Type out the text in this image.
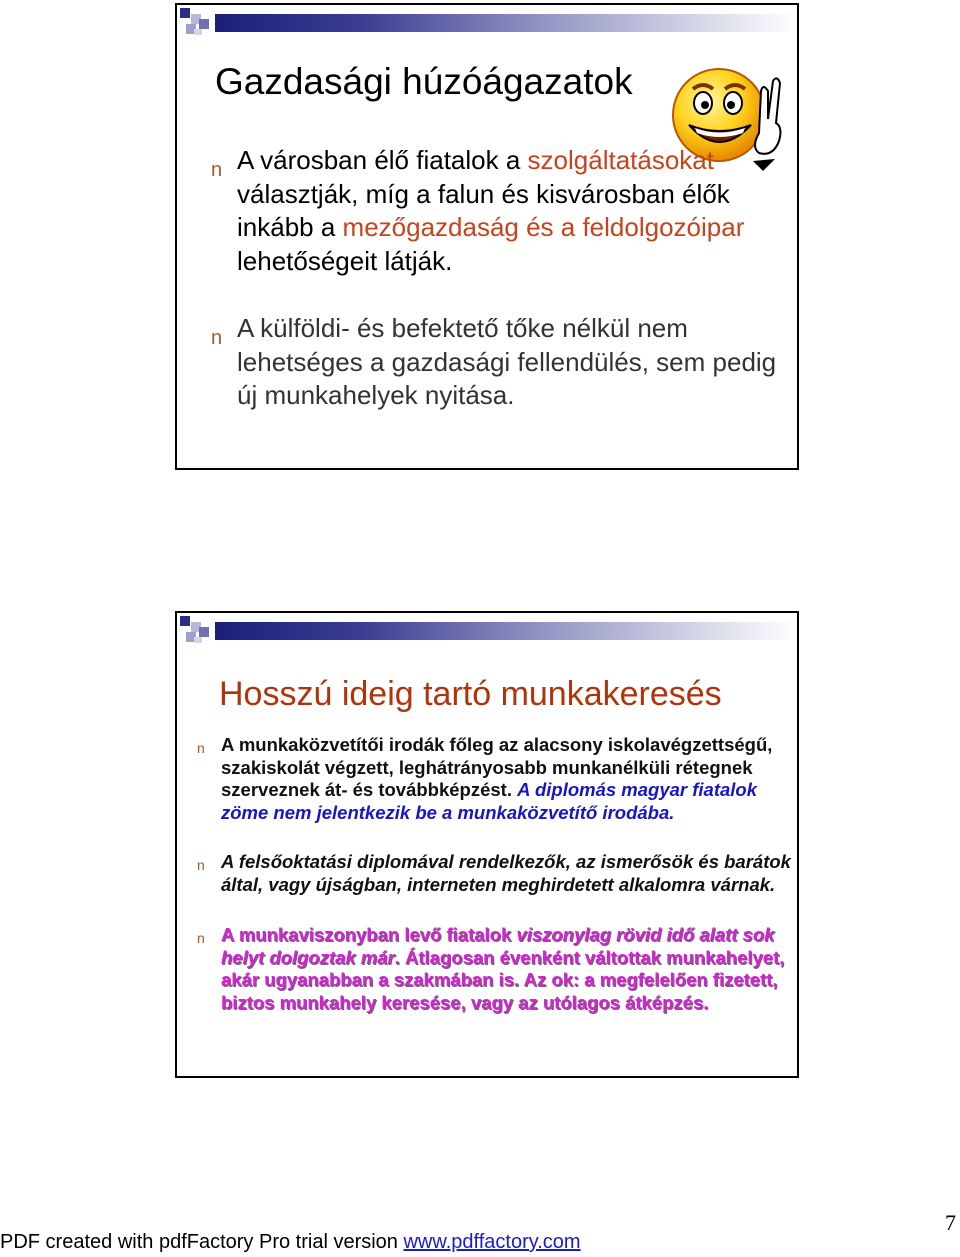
Gazdasági húzóágazatok
n A városban élő fiatalok a szolgáltatásokat választják, míg a falun és kisvárosban élők inkább a mezőgazdaság és a feldolgozóipar lehetőségeit látják.
n A külföldi- és befektető tőke nélkül nem lehetséges a gazdasági fellendülés, sem pedig új munkahelyek nyitása.
Hosszú ideig tartó munkakeresés
n A munkaközvetítői irodák főleg az alacsony iskolavégzettségű, szakiskolát végzett, leghátrányosabb munkanélküli rétegnek szerveznek át- és továbbképzést. A diplomás magyar fiatalok zöme nem jelentkezik be a munkaközvetítő irodába.
n A felsőoktatási diplomával rendelkezők, az ismerősök és barátok által, vagy újságban, interneten meghirdetett alkalomra várnak.
n A munkaviszonyban levő fiatalok viszonylag rövid idő alatt sok helyt dolgoztak már. Átlagosan évenként váltottak munkahelyet, akár ugyanabban a szakmában is. Az ok: a megfelelően fizetett, biztos munkahely keresése, vagy az utólagos átképzés.
PDF created with pdfFactory Pro trial version www.pdffactory.com
7
